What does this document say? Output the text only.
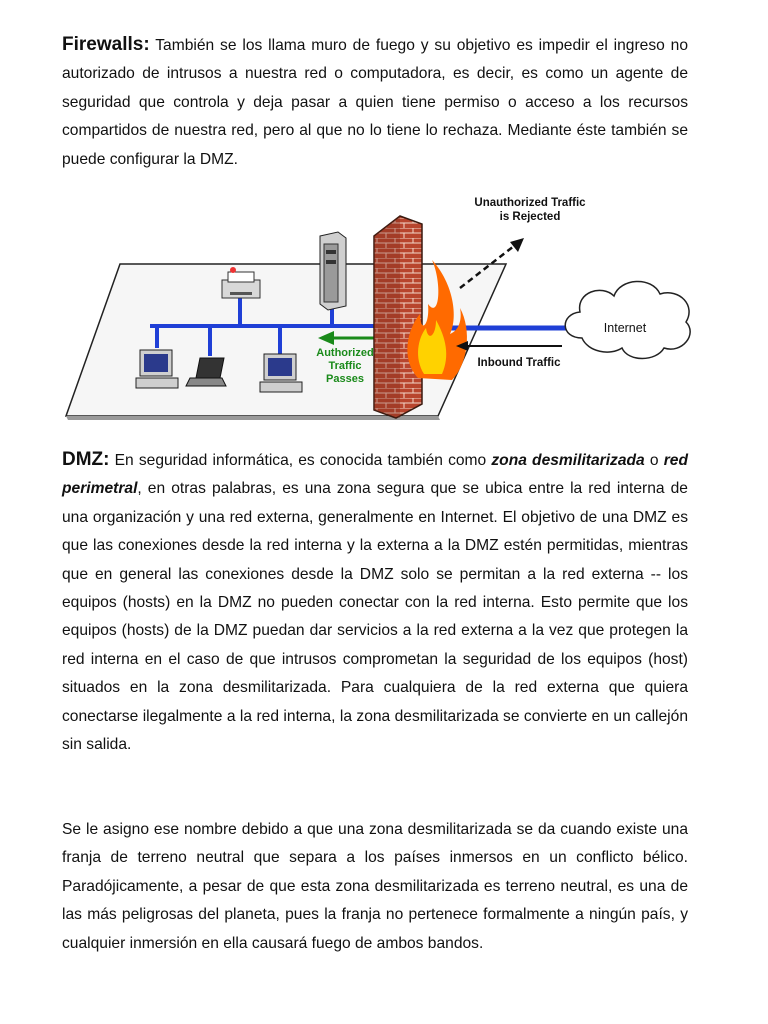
Firewalls: También se los llama muro de fuego y su objetivo es impedir el ingreso no autorizado de intrusos a nuestra red o computadora, es decir, es como un agente de seguridad que controla y deja pasar a quien tiene permiso o acceso a los recursos compartidos de nuestra red, pero al que no lo tiene lo rechaza. Mediante éste también se puede configurar la DMZ.

Authorized
Traffic
Passes
Unauthorized Traffic
is Rejected
Inbound Traffic
Internet

DMZ: En seguridad informática, es conocida también como zona desmilitarizada o red perimetral, en otras palabras, es una zona segura que se ubica entre la red interna de una organización y una red externa, generalmente en Internet. El objetivo de una DMZ es que las conexiones desde la red interna y la externa a la DMZ estén permitidas, mientras que en general las conexiones desde la DMZ solo se permitan a la red externa -- los equipos (hosts) en la DMZ no pueden conectar con la red interna. Esto permite que los equipos (hosts) de la DMZ puedan dar servicios a la red externa a la vez que protegen la red interna en el caso de que intrusos comprometan la seguridad de los equipos (host) situados en la zona desmilitarizada. Para cualquiera de la red externa que quiera conectarse ilegalmente a la red interna, la zona desmilitarizada se convierte en un callejón sin salida.

Se le asigno ese nombre debido a que una zona desmilitarizada se da cuando existe una franja de terreno neutral que separa a los países inmersos en un conflicto bélico. Paradójicamente, a pesar de que esta zona desmilitarizada es terreno neutral, es una de las más peligrosas del planeta, pues la franja no pertenece formalmente a ningún país, y cualquier inmersión en ella causará fuego de ambos bandos.
